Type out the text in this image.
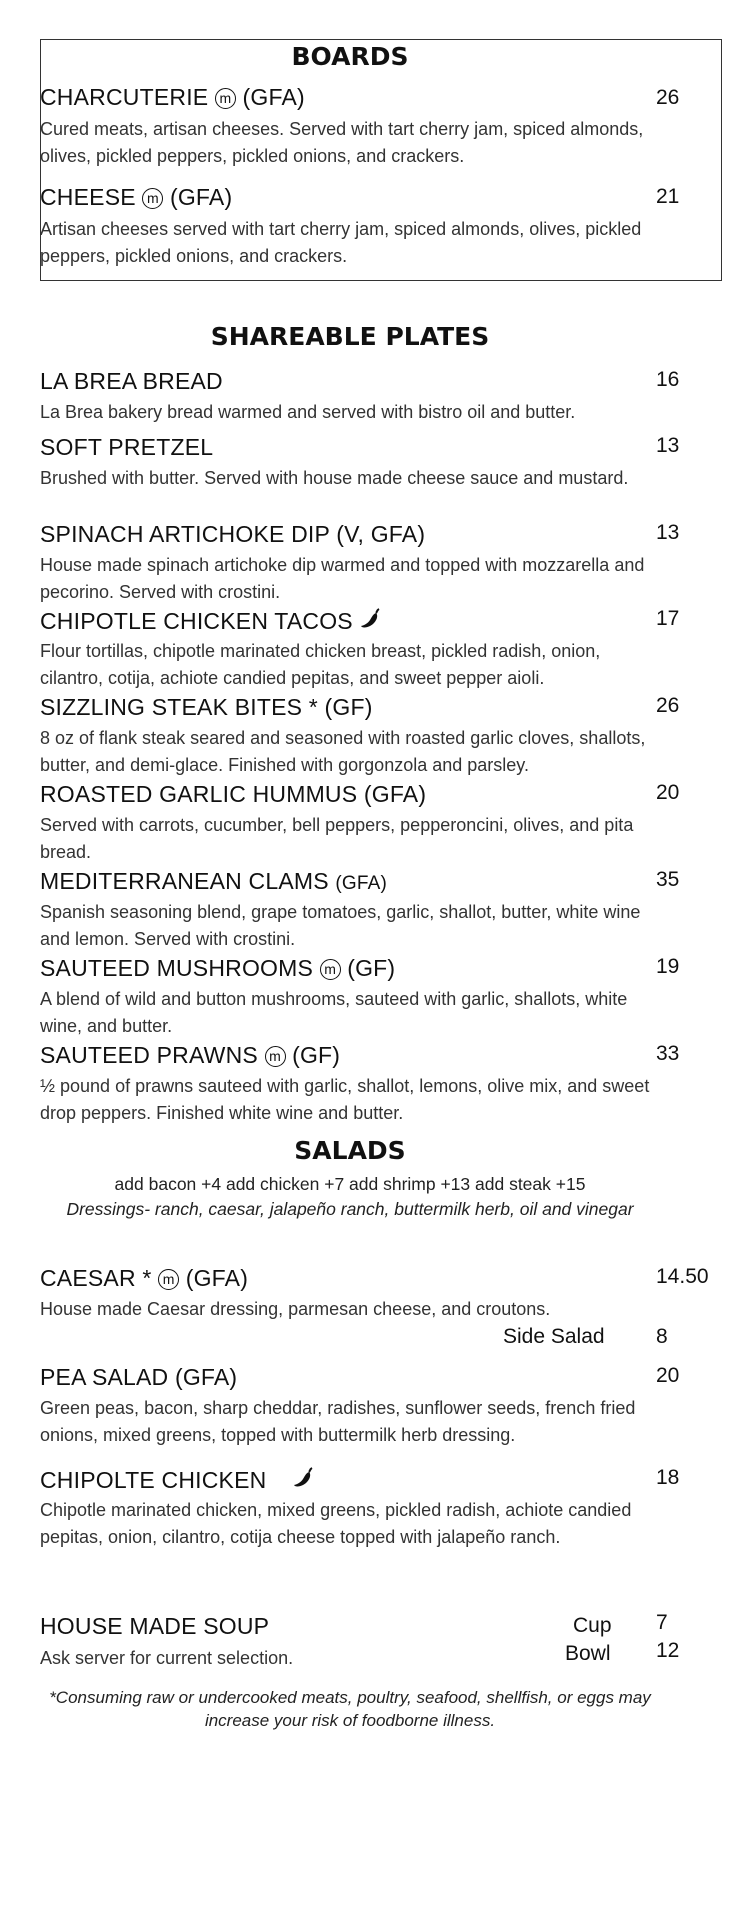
BOARDS
CHARCUTERIE m (GFA)	26
Cured meats, artisan cheeses. Served with tart cherry jam, spiced almonds, olives, pickled peppers, pickled onions, and crackers.
CHEESE m (GFA)	21
Artisan cheeses served with tart cherry jam, spiced almonds, olives, pickled peppers, pickled onions, and crackers.
SHAREABLE PLATES
LA BREA BREAD	16
La Brea bakery bread warmed and served with bistro oil and butter.
SOFT PRETZEL	13
Brushed with butter. Served with house made cheese sauce and mustard.
SPINACH ARTICHOKE DIP (V, GFA)	13
House made spinach artichoke dip warmed and topped with mozzarella and pecorino. Served with crostini.
CHIPOTLE CHICKEN TACOS	17
Flour tortillas, chipotle marinated chicken breast, pickled radish, onion, cilantro, cotija, achiote candied pepitas, and sweet pepper aioli.
SIZZLING STEAK BITES * (GF)	26
8 oz of flank steak seared and seasoned with roasted garlic cloves, shallots, butter, and demi-glace. Finished with gorgonzola and parsley.
ROASTED GARLIC HUMMUS (GFA)	20
Served with carrots, cucumber, bell peppers, pepperoncini, olives, and pita bread.
MEDITERRANEAN CLAMS (GFA)	35
Spanish seasoning blend, grape tomatoes, garlic, shallot, butter, white wine and lemon. Served with crostini.
SAUTEED MUSHROOMS m (GF)	19
A blend of wild and button mushrooms, sauteed with garlic, shallots, white wine, and butter.
SAUTEED PRAWNS m (GF)	33
½ pound of prawns sauteed with garlic, shallot, lemons, olive mix, and sweet drop peppers. Finished white wine and butter.
SALADS
add bacon +4 add chicken +7 add shrimp +13 add steak +15
Dressings- ranch, caesar, jalapeño ranch, buttermilk herb, oil and vinegar
CAESAR * m (GFA)	14.50
House made Caesar dressing, parmesan cheese, and croutons.
Side Salad 8
PEA SALAD (GFA)	20
Green peas, bacon, sharp cheddar, radishes, sunflower seeds, french fried onions, mixed greens, topped with buttermilk herb dressing.
CHIPOLTE CHICKEN	18
Chipotle marinated chicken, mixed greens, pickled radish, achiote candied pepitas, onion, cilantro, cotija cheese topped with jalapeño ranch.
HOUSE MADE SOUP
Ask server for current selection.
Cup 7
Bowl 12
*Consuming raw or undercooked meats, poultry, seafood, shellfish, or eggs may increase your risk of foodborne illness.
